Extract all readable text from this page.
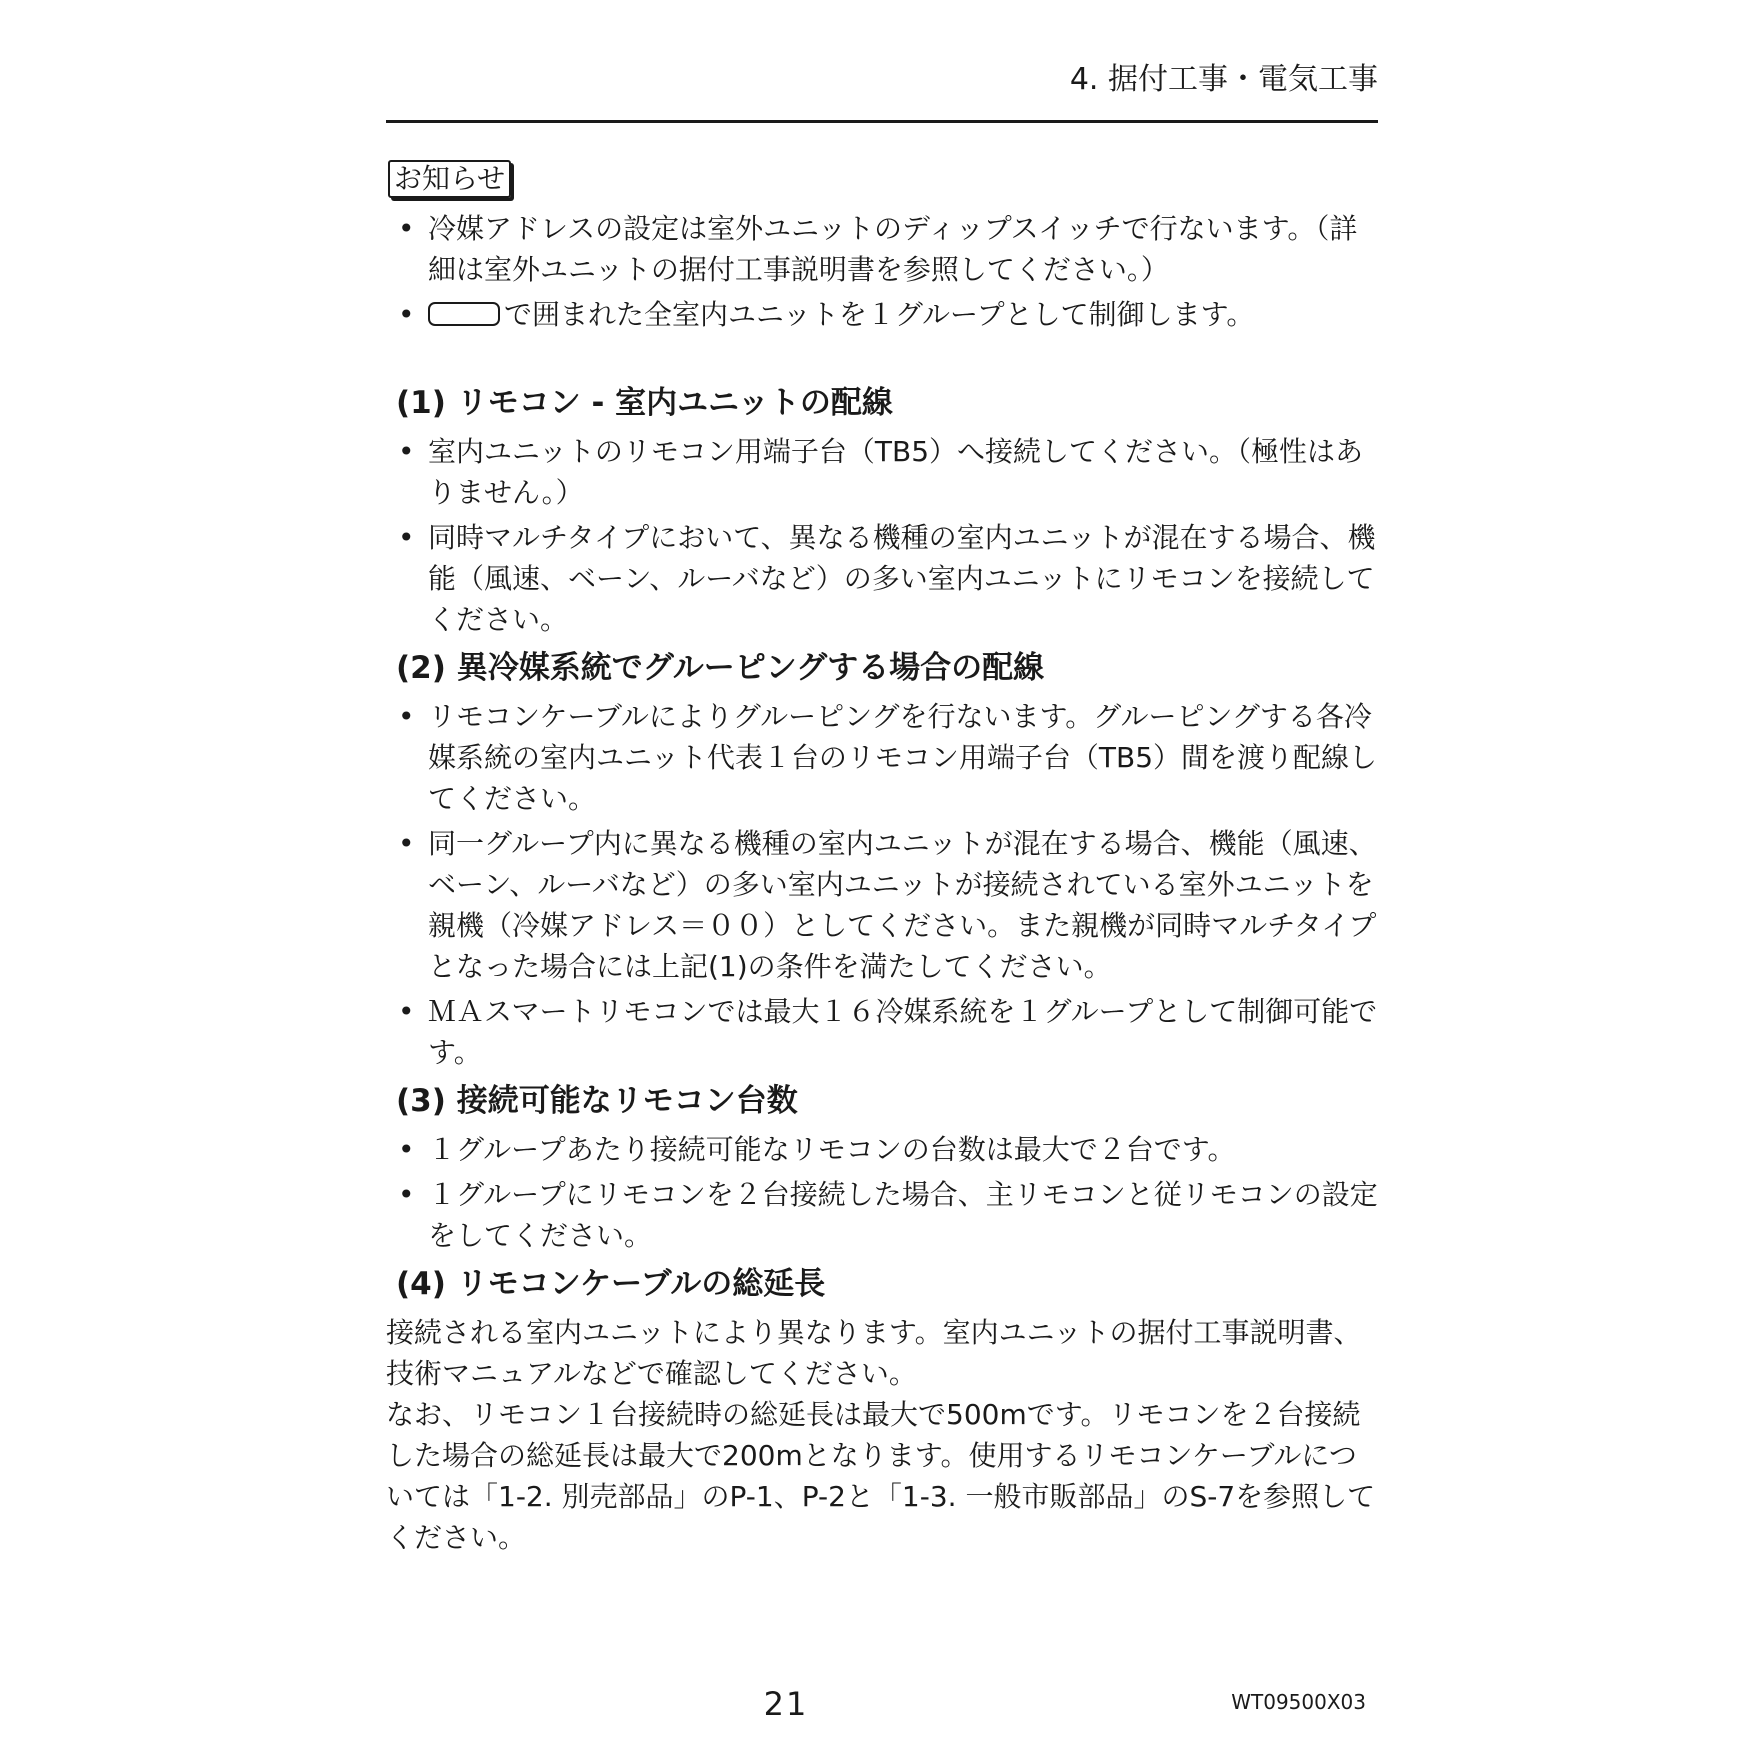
4. 据付工事・電気工事
お知らせ
• 冷媒アドレスの設定は室外ユニットのディップスイッチで行ないます。（詳細は室外ユニットの据付工事説明書を参照してください。）
•	で囲まれた全室内ユニットを１グループとして制御します。
(1) リモコン - 室内ユニットの配線
• 室内ユニットのリモコン用端子台（TB5）へ接続してください。（極性はありません。）
• 同時マルチタイプにおいて、異なる機種の室内ユニットが混在する場合、機能（風速、ベーン、ルーバなど）の多い室内ユニットにリモコンを接続してください。
(2) 異冷媒系統でグルーピングする場合の配線
• リモコンケーブルによりグルーピングを行ないます。グルーピングする各冷媒系統の室内ユニット代表１台のリモコン用端子台（TB5）間を渡り配線してください。
• 同一グループ内に異なる機種の室内ユニットが混在する場合、機能（風速、ベーン、ルーバなど）の多い室内ユニットが接続されている室外ユニットを親機（冷媒アドレス＝００）としてください。また親機が同時マルチタイプとなった場合には上記(1)の条件を満たしてください。
• ＭＡスマートリモコンでは最大１６冷媒系統を１グループとして制御可能です。
(3) 接続可能なリモコン台数
• １グループあたり接続可能なリモコンの台数は最大で２台です。
• １グループにリモコンを２台接続した場合、主リモコンと従リモコンの設定をしてください。
(4) リモコンケーブルの総延長

接続される室内ユニットにより異なります。室内ユニットの据付工事説明書、技術マニュアルなどで確認してください。

なお、リモコン１台接続時の総延長は最大で500mです。リモコンを２台接続した場合の総延長は最大で200mとなります。使用するリモコンケーブルについては「1-2. 別売部品」のP-1、P-2と「1-3. 一般市販部品」のS-7を参照してください。

21	WT09500X03
